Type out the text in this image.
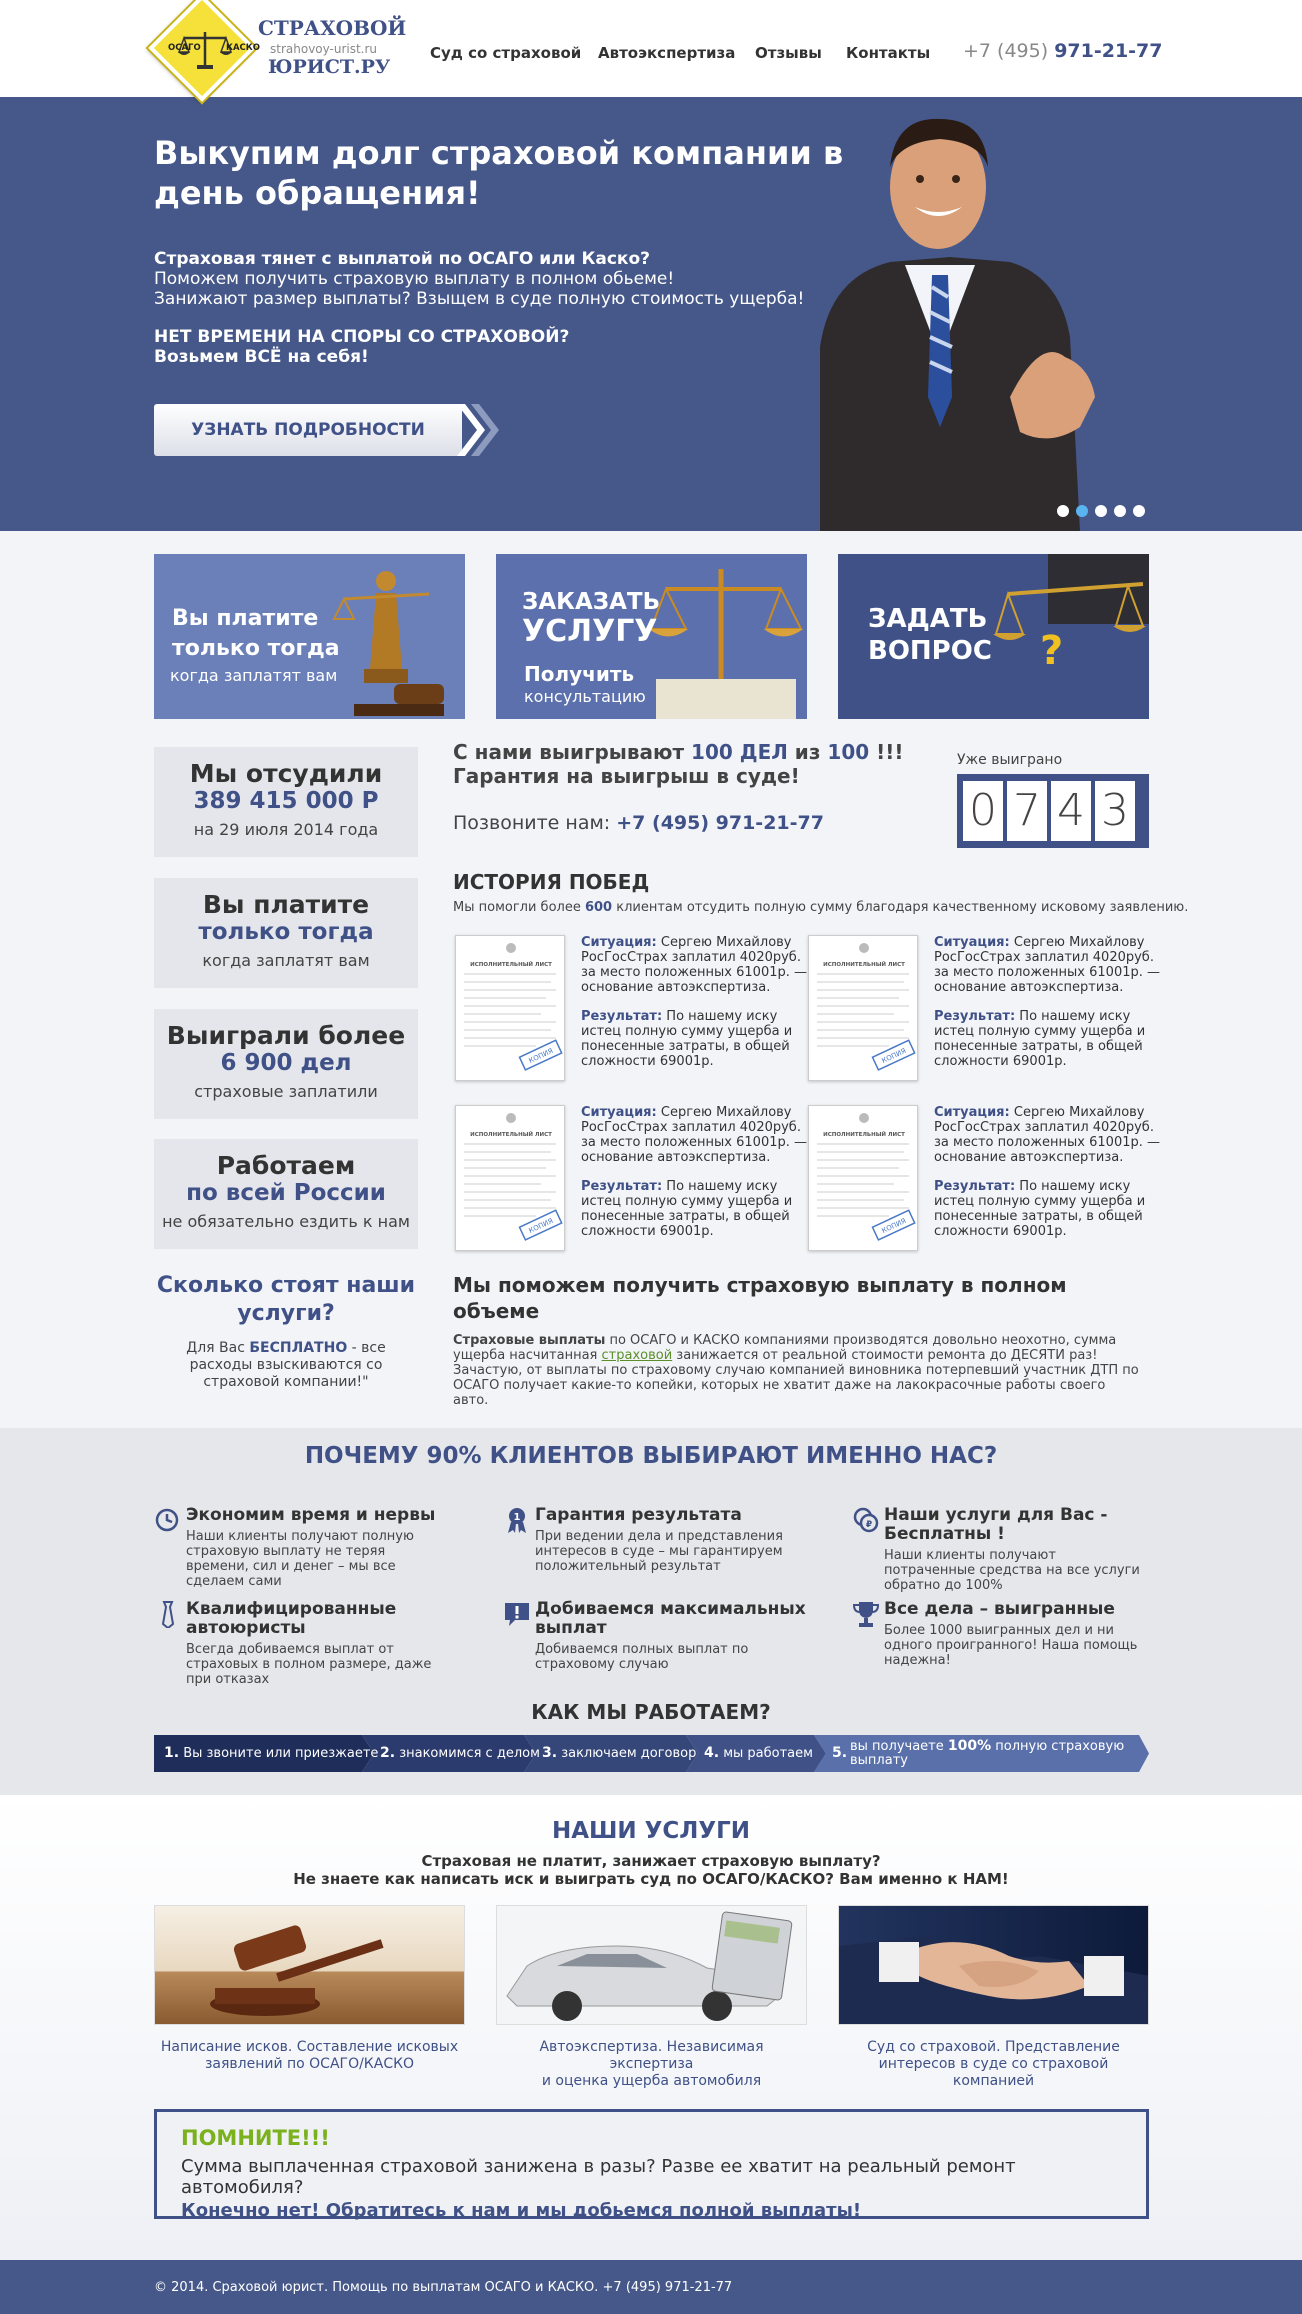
ОСАГО	КАСКО
СТРАХОВОЙ
strahovoy-urist.ru
ЮРИСТ.РУ
Суд со страховой Автоэкспертиза Отзывы Контакты +7 (495) 971-21-77
Выкупим долг страховой компании в день обращения!
Страховая тянет с выплатой по ОСАГО или Каско?
Поможем получить страховую выплату в полном обьеме!
Занижают размер выплаты? Взыщем в суде полную стоимость ущерба!
НЕТ ВРЕМЕНИ НА СПОРЫ СО СТРАХОВОЙ?
Возьмем ВСЁ на себя!
УЗНАТЬ ПОДРОБНОСТИ
Вы платите
только тогда
когда заплатят вам
ЗАКАЗАТЬ
УСЛУГУ
Получить
консультацию
?
ЗАДАТЬ
ВОПРОС
Мы отсудили
389 415 000 Р
на 29 июля 2014 года
Вы платите
только тогда
когда заплатят вам
Выиграли более
6 900 дел
страховые заплатили
Работаем
по всей России
не обязательно ездить к нам
Сколько стоят наши услуги?
Для Вас БЕСПЛАТНО - все расходы взыскиваются со страховой компании!"
С нами выигрывают 100 ДЕЛ из 100 !!!
Гарантия на выигрыш в суде!
Позвоните нам: +7 (495) 971-21-77
Уже выиграно
0 7 4 3
ИСТОРИЯ ПОБЕД
Мы помогли более 600 клиентам отсудить полную сумму благодаря качественному исковому заявлению.
ИСПОЛНИТЕЛЬНЫЙ ЛИСТ
КОПИЯ
Ситуация: Сергею Михайлову РосГосСтрах заплатил 4020руб. за место положенных 61001р. — основание автоэкспертиза.
Результат: По нашему иску истец полную сумму ущерба и понесенные затраты, в общей сложности 69001р.
ИСПОЛНИТЕЛЬНЫЙ ЛИСТ
КОПИЯ
Ситуация: Сергею Михайлову РосГосСтрах заплатил 4020руб. за место положенных 61001р. — основание автоэкспертиза.
Результат: По нашему иску истец полную сумму ущерба и понесенные затраты, в общей сложности 69001р.
ИСПОЛНИТЕЛЬНЫЙ ЛИСТ
КОПИЯ
Ситуация: Сергею Михайлову РосГосСтрах заплатил 4020руб. за место положенных 61001р. — основание автоэкспертиза.
Результат: По нашему иску истец полную сумму ущерба и понесенные затраты, в общей сложности 69001р.
ИСПОЛНИТЕЛЬНЫЙ ЛИСТ
КОПИЯ
Ситуация: Сергею Михайлову РосГосСтрах заплатил 4020руб. за место положенных 61001р. — основание автоэкспертиза.
Результат: По нашему иску истец полную сумму ущерба и понесенные затраты, в общей сложности 69001р.
Мы поможем получить страховую выплату в полном объеме
Страховые выплаты по ОСАГО и КАСКО компаниями производятся довольно неохотно, сумма ущерба насчитанная страховой занижается от реальной стоимости ремонта до ДЕСЯТИ раз! Зачастую, от выплаты по страховому случаю компанией виновника потерпевший участник ДТП по ОСАГО получает какие-то копейки, которых не хватит даже на лакокрасочные работы своего авто.
ПОЧЕМУ 90% КЛИЕНТОВ ВЫБИРАЮТ ИМЕННО НАС?
Экономим время и нервы
Наши клиенты получают полную страховую выплату не теряя времени, сил и денег – мы все сделаем сами
1 Гарантия результата
При ведении дела и представления интересов в суде – мы гарантируем положительный результат
₽ Наши услуги для Вас - Бесплатны !
Наши клиенты получают потраченные средства на все услуги обратно до 100%
Квалифицированные автоюристы
Всегда добиваемся выплат от страховых в полном размере, даже при отказах
Добиваемся максимальных выплат
Добиваемся полных выплат по страховому случаю
Все дела – выигранные
Более 1000 выигранных дел и ни одного проигранного! Наша помощь надежна!
КАК МЫ РАБОТАЕМ?
1. Вы звоните или приезжаете 2. знакомимся с делом 3. заключаем договор 4. мы работаем 5. вы получаете 100% полную страховую
выплату
НАШИ УСЛУГИ
Страховая не платит, занижает страховую выплату?
Не знаете как написать иск и выиграть суд по ОСАГО/КАСКО? Вам именно к НАМ!
Написание исков. Составление исковых
заявлений по ОСАГО/КАСКО
Автоэкспертиза. Независимая экспертиза
и оценка ущерба автомобиля
Суд со страховой. Представление
интересов в суде со страховой компанией
ПОМНИТЕ!!!
Сумма выплаченная страховой занижена в разы? Разве ее хватит на реальный ремонт автомобиля?
Конечно нет! Обратитесь к нам и мы добьемся полной выплаты!
© 2014. Сраховой юрист. Помощь по выплатам ОСАГО и КАСКО. +7 (495) 971-21-77
